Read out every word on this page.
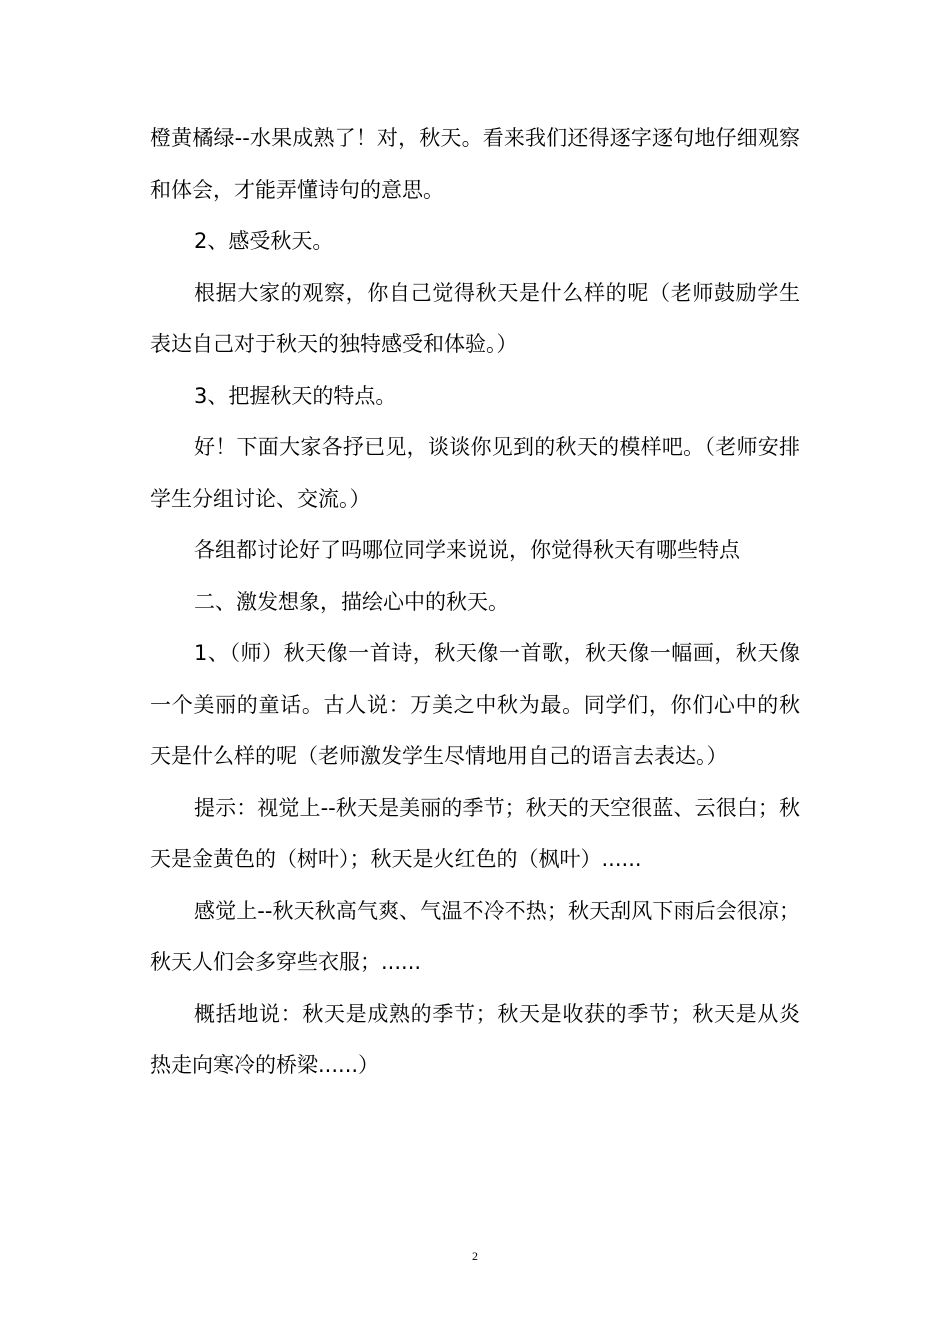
橙黄橘绿--水果成熟了！对，秋天。看来我们还得逐字逐句地仔细观察和体会，才能弄懂诗句的意思。

2、感受秋天。

根据大家的观察，你自己觉得秋天是什么样的呢（老师鼓励学生表达自己对于秋天的独特感受和体验。）

3、把握秋天的特点。

好！下面大家各抒已见，谈谈你见到的秋天的模样吧。（老师安排学生分组讨论、交流。）

各组都讨论好了吗哪位同学来说说，你觉得秋天有哪些特点

二、激发想象，描绘心中的秋天。

1、（师）秋天像一首诗，秋天像一首歌，秋天像一幅画，秋天像一个美丽的童话。古人说：万美之中秋为最。同学们，你们心中的秋天是什么样的呢（老师激发学生尽情地用自己的语言去表达。）

提示：视觉上--秋天是美丽的季节；秋天的天空很蓝、云很白；秋天是金黄色的（树叶）；秋天是火红色的（枫叶）......

感觉上--秋天秋高气爽、气温不冷不热；秋天刮风下雨后会很凉；秋天人们会多穿些衣服；......

概括地说：秋天是成熟的季节；秋天是收获的季节；秋天是从炎热走向寒冷的桥梁......）

2
